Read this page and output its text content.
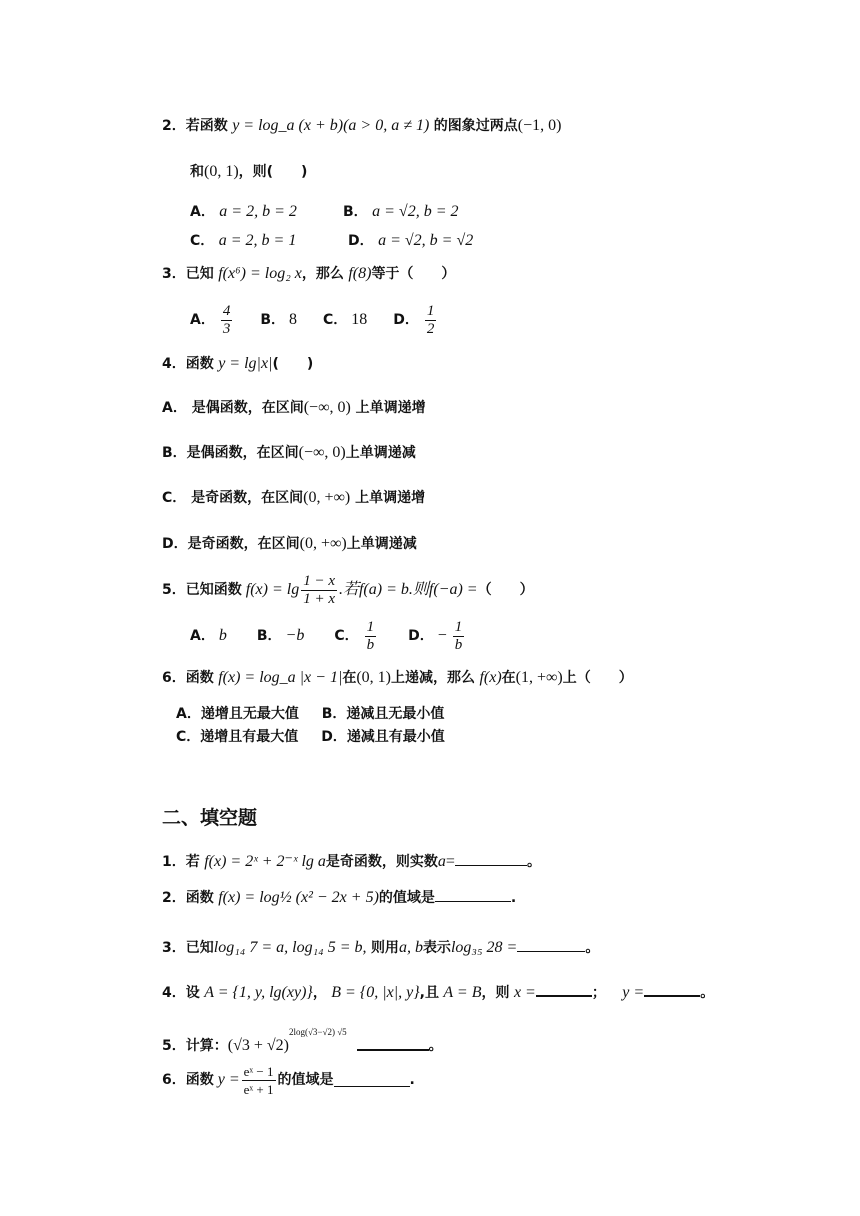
2．若函数 y = log_a (x + b)(a > 0, a ≠ 1) 的图象过两点(−1, 0)
和(0, 1)，则(　　)
A． a = 2, b = 2	B． a = √2, b = 2
C． a = 2, b = 1	D． a = √2, b = √2
3．已知 f(x⁶) = log₂ x，那么 f(8)等于（　　）
A． $\frac{4}{3}$ B． 8 C． 18 D． $\frac{1}{2}$
4．函数 y = lg|x|(　　)
A． 是偶函数，在区间(−∞, 0) 上单调递增
B．是偶函数，在区间(−∞, 0)上单调递减
C． 是奇函数，在区间(0, +∞) 上单调递增
D．是奇函数，在区间(0, +∞)上单调递减
5． 已知函数 $f(x) = \lg \frac{1 - x}{1 + x}$ .若f(a) = b.则f(−a) = （　　）
A． b B． −b C． $\frac{1}{b}$ D． − $\frac{1}{b}$
6．函数 f(x) = log_a |x − 1|在(0, 1)上递减，那么 f(x)在(1, +∞)上（　　）
A．递增且无最大值 B．递减且无最小值
C．递增且有最大值 D．递减且有最小值
二、填空题
1．若 f(x) = 2ˣ + 2⁻ˣ lg a是奇函数，则实数a=	。
2．函数 f(x) = log½ (x² − 2x + 5)的值域是	.
3．已知log₁₄ 7 = a, log₁₄ 5 = b, 则用a, b表示log₃₅ 28 =	。
4．设 A = {1, y, lg(xy)}， B = {0, |x|, y},且 A = B，则 x =	； y =	。
5． 计算： (√3 + √2)
2log(√3−√2) √5
。
6． 函数 $y = \frac{\text{eˣ − 1}}{\text{eˣ + 1}}$ 的值域是	.
